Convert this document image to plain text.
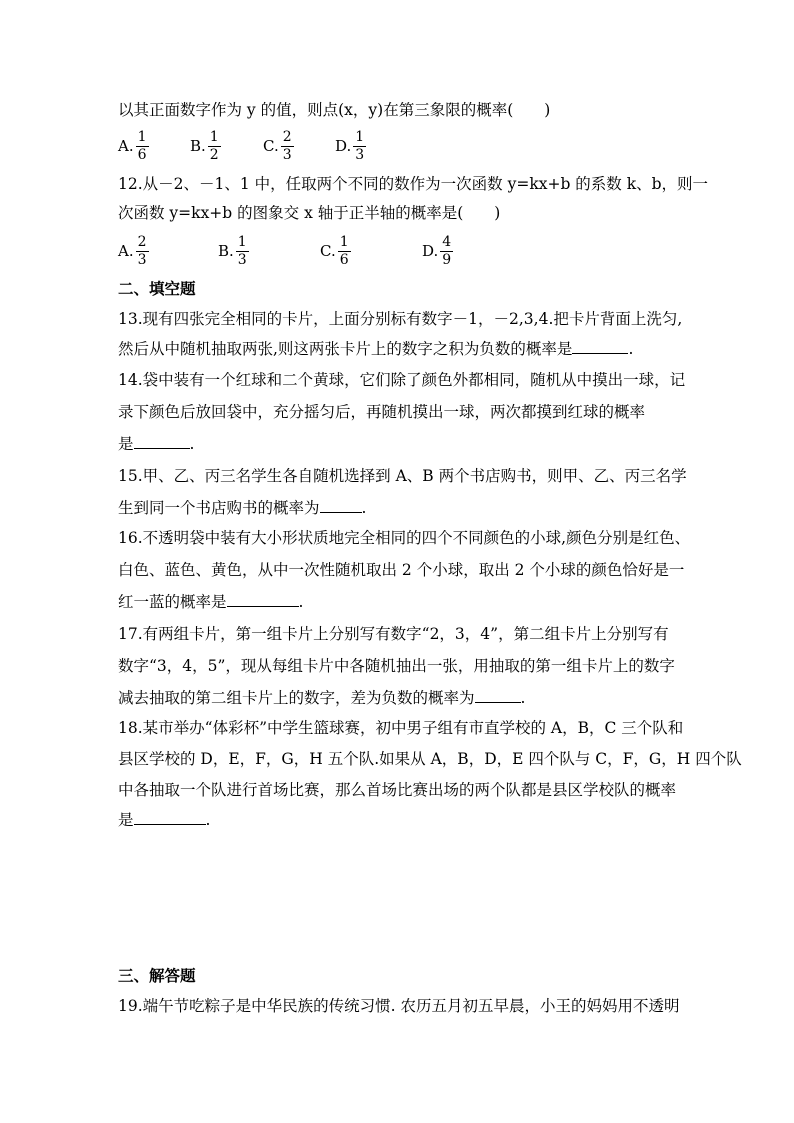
以其正面数字作为 y 的值，则点(x，y)在第三象限的概率(　　)
A. $\frac{1}{6}$	B. $\frac{1}{2}$	C. $\frac{2}{3}$	D. $\frac{1}{3}$
12.从－2、－1、1 中，任取两个不同的数作为一次函数 y=kx+b 的系数 k、b，则一
次函数 y=kx+b 的图象交 x 轴于正半轴的概率是(　　)
A. $\frac{2}{3}$	B. $\frac{1}{3}$	C. $\frac{1}{6}$	D. $\frac{4}{9}$
二、填空题
13.现有四张完全相同的卡片，上面分别标有数字－1，－2,3,4.把卡片背面上洗匀,
然后从中随机抽取两张,则这两张卡片上的数字之积为负数的概率是	.
14.袋中装有一个红球和二个黄球，它们除了颜色外都相同，随机从中摸出一球，记
录下颜色后放回袋中，充分摇匀后，再随机摸出一球，两次都摸到红球的概率
是	.
15.甲、乙、丙三名学生各自随机选择到 A、B 两个书店购书，则甲、乙、丙三名学
生到同一个书店购书的概率为	.
16.不透明袋中装有大小形状质地完全相同的四个不同颜色的小球,颜色分别是红色、
白色、蓝色、黄色，从中一次性随机取出 2 个小球，取出 2 个小球的颜色恰好是一
红一蓝的概率是	.
17.有两组卡片，第一组卡片上分别写有数字“2，3，4”，第二组卡片上分别写有
数字“3，4，5”，现从每组卡片中各随机抽出一张，用抽取的第一组卡片上的数字
减去抽取的第二组卡片上的数字，差为负数的概率为	.
18.某市举办“体彩杯”中学生篮球赛，初中男子组有市直学校的 A，B，C 三个队和
县区学校的 D，E，F，G，H 五个队.如果从 A，B，D，E 四个队与 C，F，G，H 四个队
中各抽取一个队进行首场比赛，那么首场比赛出场的两个队都是县区学校队的概率
是	.
三、解答题
19.端午节吃粽子是中华民族的传统习惯. 农历五月初五早晨，小王的妈妈用不透明
